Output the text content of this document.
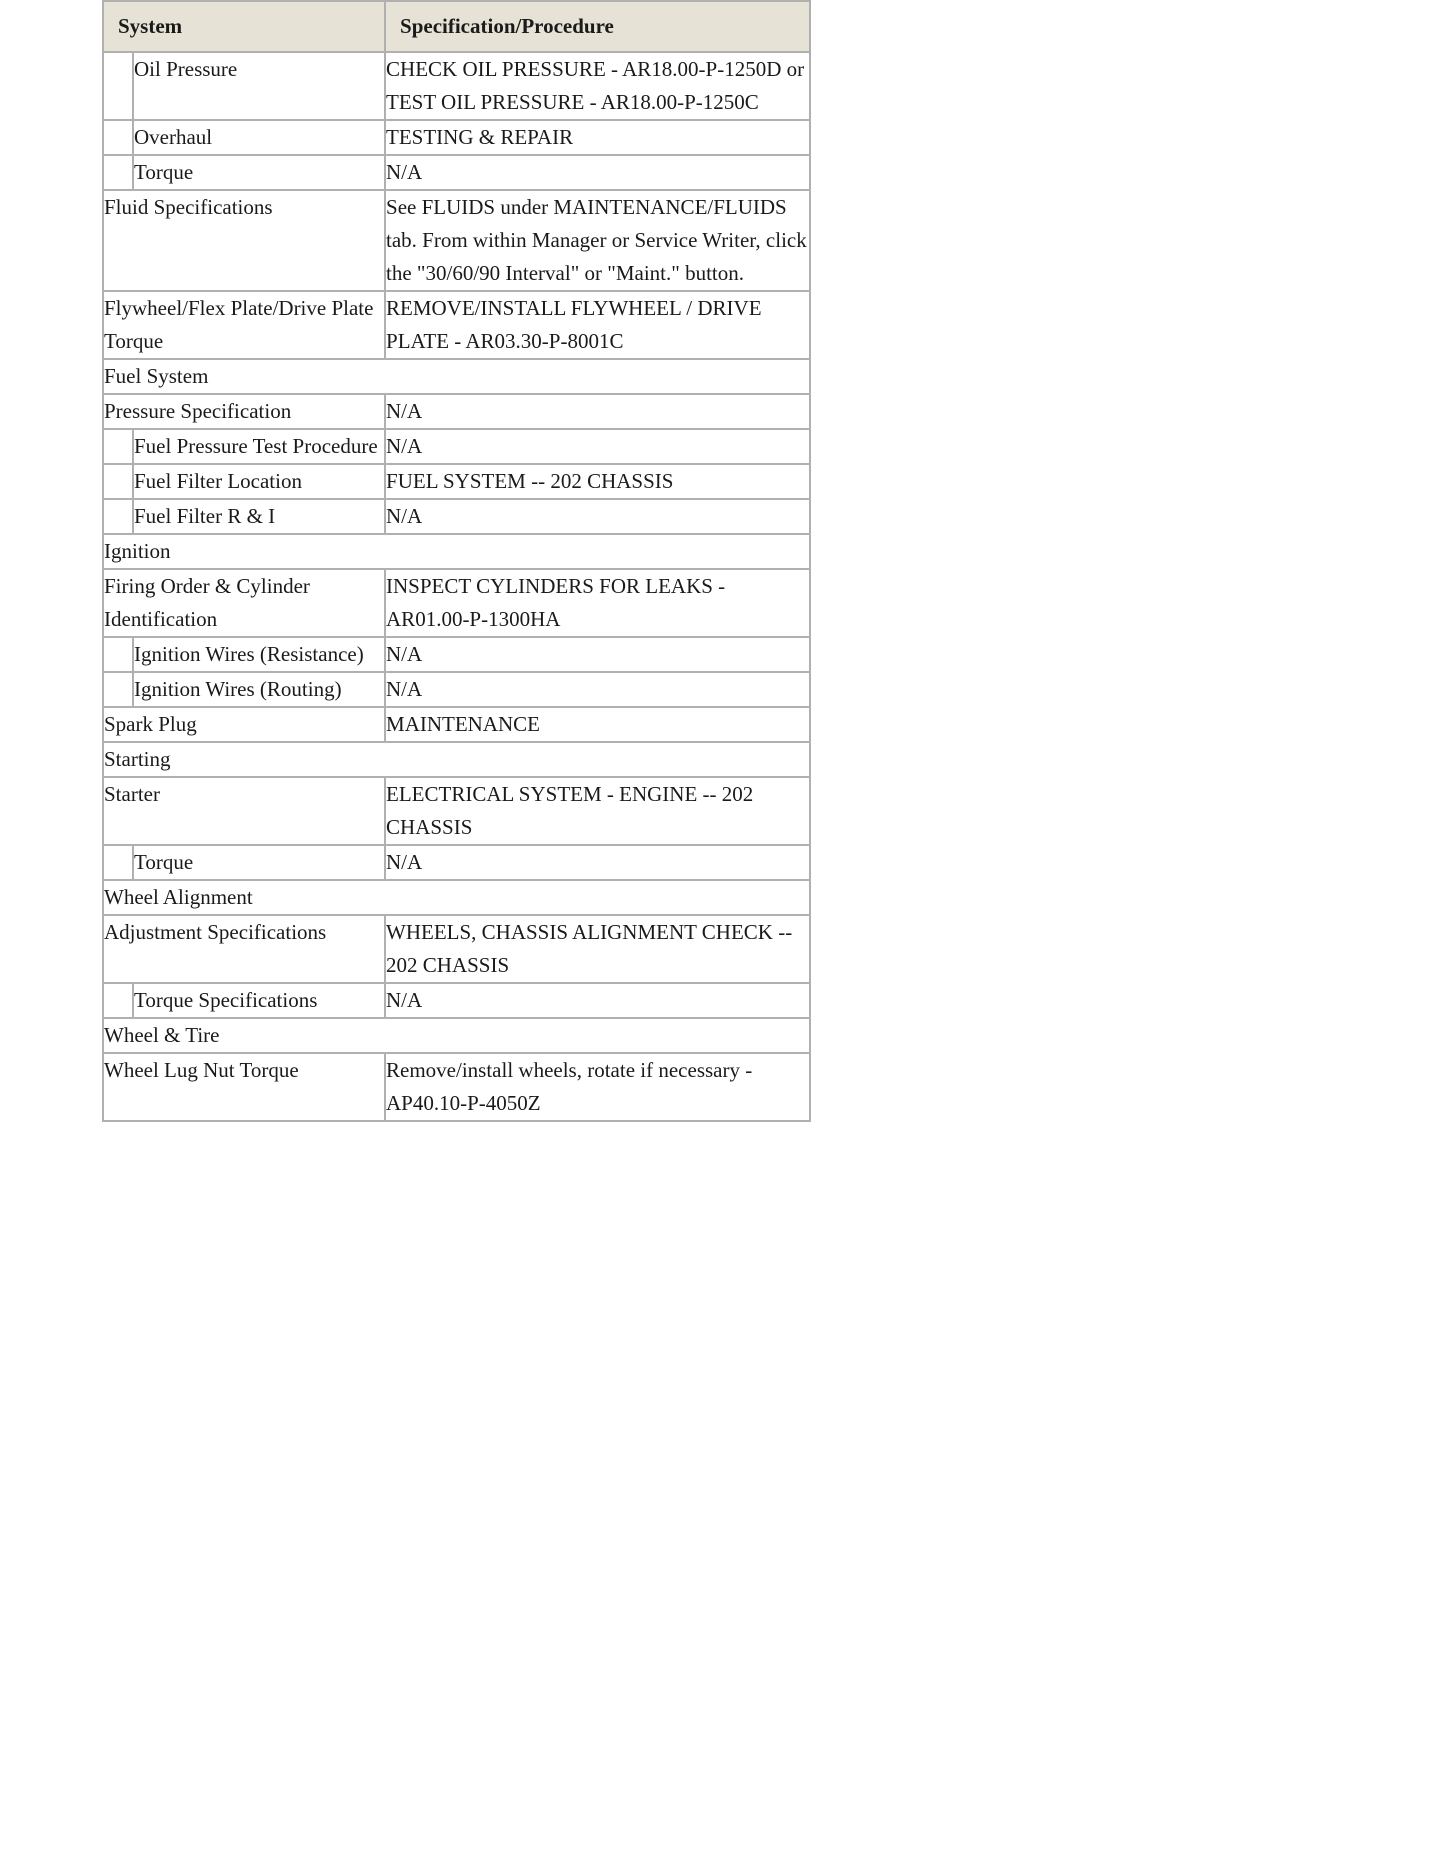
System		Specification/Procedure
	Oil Pressure	CHECK OIL PRESSURE - AR18.00-P-1250D or TEST OIL PRESSURE - AR18.00-P-1250C
	Overhaul	TESTING & REPAIR
	Torque	N/A
Fluid Specifications		See FLUIDS under MAINTENANCE/FLUIDS tab. From within Manager or Service Writer, click the "30/60/90 Interval" or "Maint." button.
Flywheel/Flex Plate/Drive Plate Torque		REMOVE/INSTALL FLYWHEEL / DRIVE PLATE - AR03.30-P-8001C
Fuel System		
Pressure Specification		N/A
	Fuel Pressure Test Procedure	N/A
	Fuel Filter Location	FUEL SYSTEM -- 202 CHASSIS
	Fuel Filter R & I	N/A
Ignition		
Firing Order & Cylinder Identification		INSPECT CYLINDERS FOR LEAKS - AR01.00-P-1300HA
	Ignition Wires (Resistance)	N/A
	Ignition Wires (Routing)	N/A
Spark Plug		MAINTENANCE
Starting		
Starter		ELECTRICAL SYSTEM - ENGINE -- 202 CHASSIS
	Torque	N/A
Wheel Alignment		
Adjustment Specifications		WHEELS, CHASSIS ALIGNMENT CHECK -- 202 CHASSIS
	Torque Specifications	N/A
Wheel & Tire		
Wheel Lug Nut Torque		Remove/install wheels, rotate if necessary - AP40.10-P-4050Z
